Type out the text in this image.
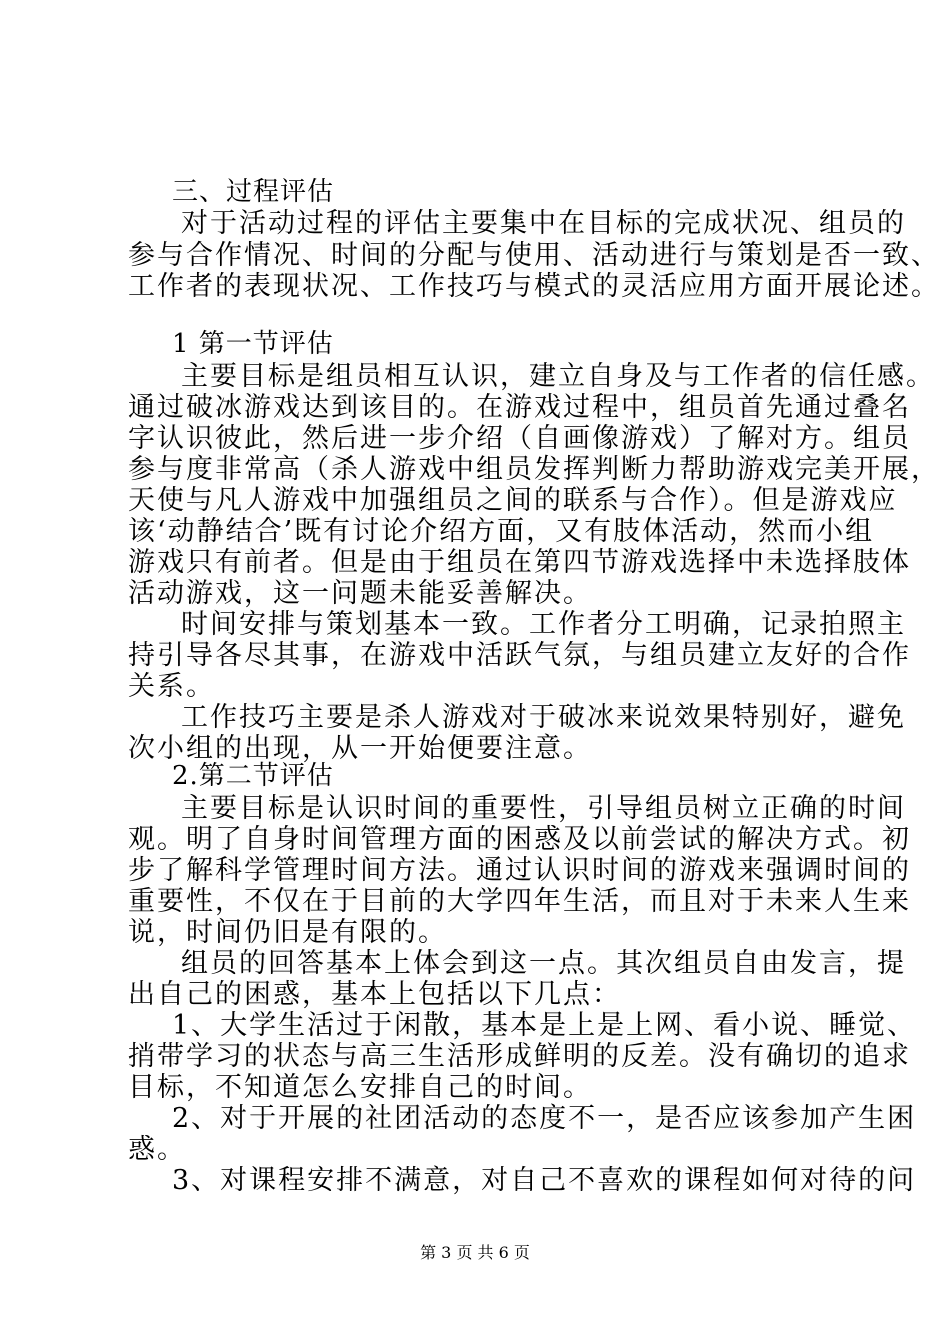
三、过程评估
对于活动过程的评估主要集中在目标的完成状况、组员的
参与合作情况、时间的分配与使用、活动进行与策划是否一致、
工作者的表现状况、工作技巧与模式的灵活应用方面开展论述。
1 第一节评估
主要目标是组员相互认识，建立自身及与工作者的信任感。
通过破冰游戏达到该目的。在游戏过程中，组员首先通过叠名
字认识彼此，然后进一步介绍（自画像游戏）了解对方。组员
参与度非常高（杀人游戏中组员发挥判断力帮助游戏完美开展，
天使与凡人游戏中加强组员之间的联系与合作）。但是游戏应
该‘动静结合’既有讨论介绍方面，又有肢体活动，然而小组
游戏只有前者。但是由于组员在第四节游戏选择中未选择肢体
活动游戏，这一问题未能妥善解决。
时间安排与策划基本一致。工作者分工明确，记录拍照主
持引导各尽其事，在游戏中活跃气氛，与组员建立友好的合作
关系。
工作技巧主要是杀人游戏对于破冰来说效果特别好，避免
次小组的出现，从一开始便要注意。
2.第二节评估
主要目标是认识时间的重要性，引导组员树立正确的时间
观。明了自身时间管理方面的困惑及以前尝试的解决方式。初
步了解科学管理时间方法。通过认识时间的游戏来强调时间的
重要性，不仅在于目前的大学四年生活，而且对于未来人生来
说，时间仍旧是有限的。
组员的回答基本上体会到这一点。其次组员自由发言，提
出自己的困惑，基本上包括以下几点：
1、大学生活过于闲散，基本是上是上网、看小说、睡觉、
捎带学习的状态与高三生活形成鲜明的反差。没有确切的追求
目标，不知道怎么安排自己的时间。
2、对于开展的社团活动的态度不一，是否应该参加产生困
惑。
3、对课程安排不满意，对自己不喜欢的课程如何对待的问
第 3 页 共 6 页
